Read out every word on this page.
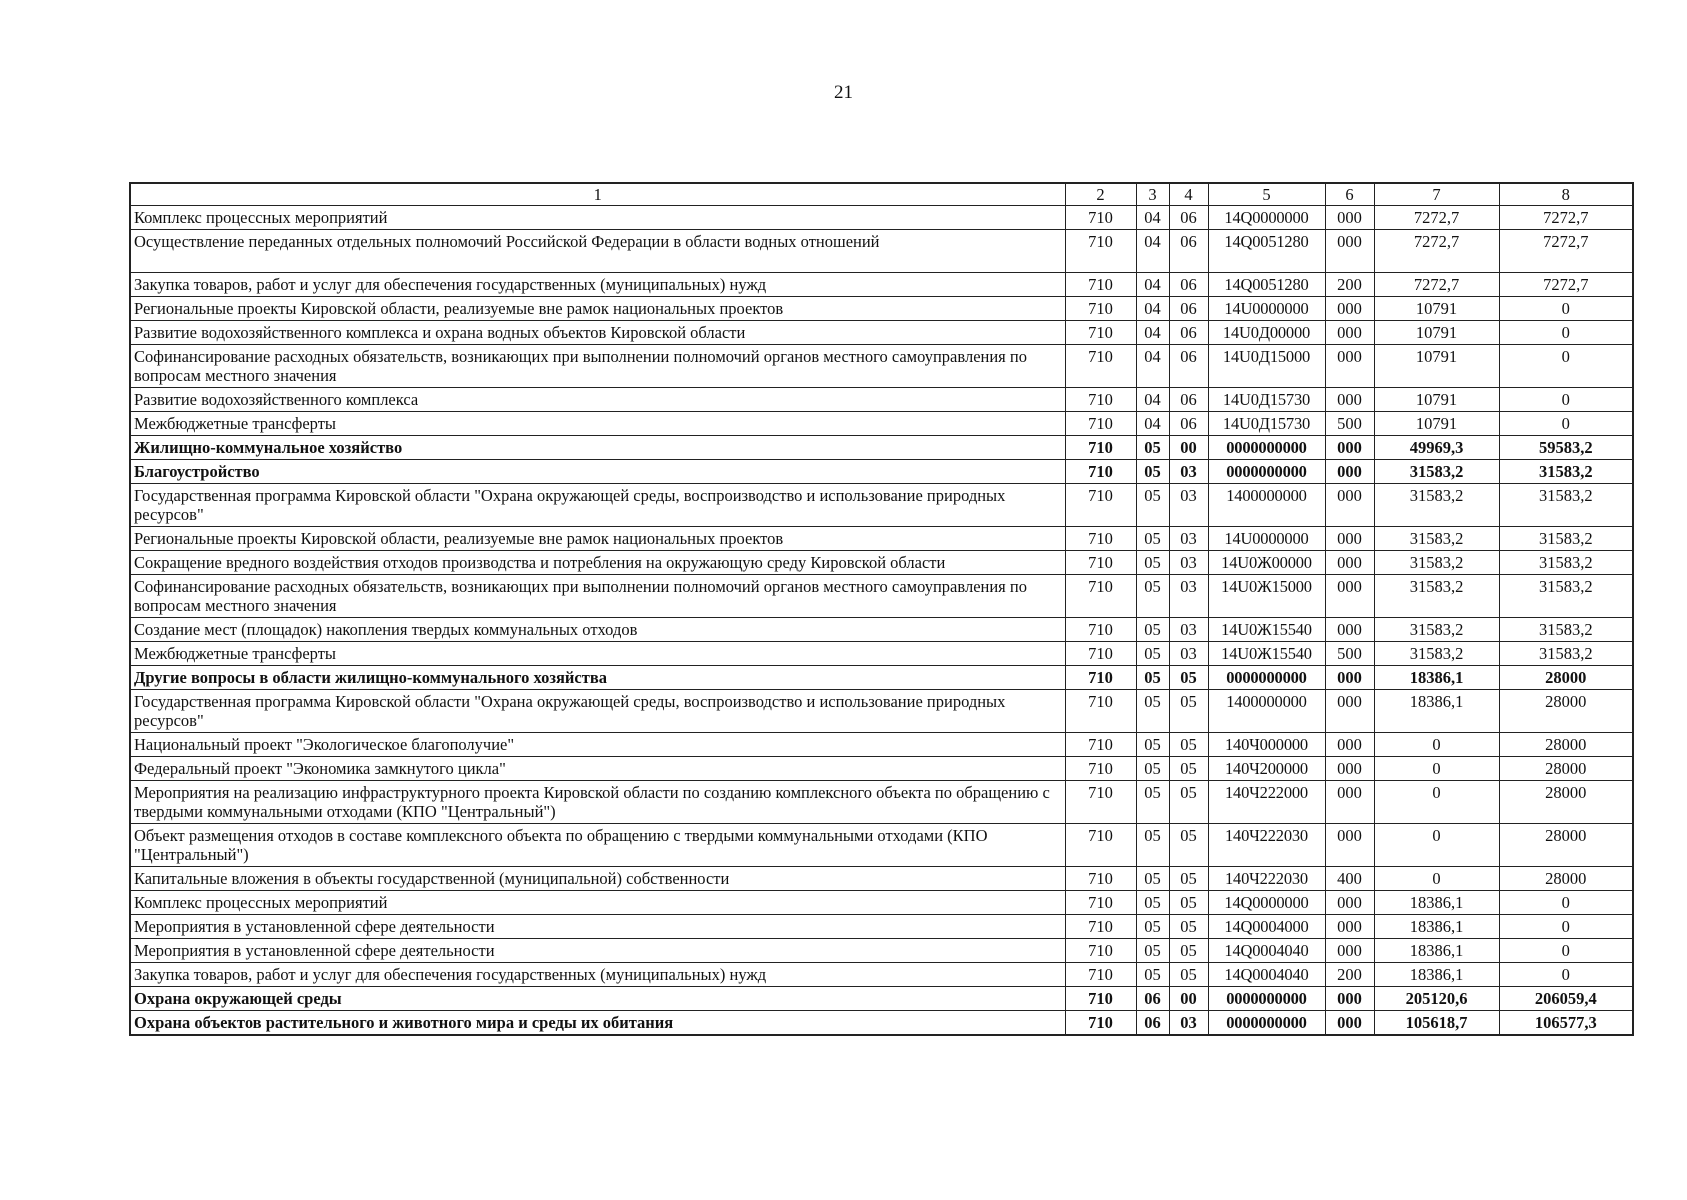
21
1	2	3	4	5	6	7	8
Комплекс процессных мероприятий	710	04	06	14Q0000000	000	7272,7	7272,7
Осуществление переданных отдельных полномочий Российской Федерации в области водных отношений	710	04	06	14Q0051280	000	7272,7	7272,7
Закупка товаров, работ и услуг для обеспечения государственных (муниципальных) нужд	710	04	06	14Q0051280	200	7272,7	7272,7
Региональные проекты Кировской области, реализуемые вне рамок национальных проектов	710	04	06	14U0000000	000	10791	0
Развитие водохозяйственного комплекса и охрана водных объектов Кировской области	710	04	06	14U0Д00000	000	10791	0
Софинансирование расходных обязательств, возникающих при выполнении полномочий органов местного самоуправления по вопросам местного значения	710	04	06	14U0Д15000	000	10791	0
Развитие водохозяйственного комплекса	710	04	06	14U0Д15730	000	10791	0
Межбюджетные трансферты	710	04	06	14U0Д15730	500	10791	0
Жилищно-коммунальное хозяйство	710	05	00	0000000000	000	49969,3	59583,2
Благоустройство	710	05	03	0000000000	000	31583,2	31583,2
Государственная программа Кировской области "Охрана окружающей среды, воспроизводство и использование природных ресурсов"	710	05	03	1400000000	000	31583,2	31583,2
Региональные проекты Кировской области, реализуемые вне рамок национальных проектов	710	05	03	14U0000000	000	31583,2	31583,2
Сокращение вредного воздействия отходов производства и потребления на окружающую среду Кировской области	710	05	03	14U0Ж00000	000	31583,2	31583,2
Софинансирование расходных обязательств, возникающих при выполнении полномочий органов местного самоуправления по вопросам местного значения	710	05	03	14U0Ж15000	000	31583,2	31583,2
Создание мест (площадок) накопления твердых коммунальных отходов	710	05	03	14U0Ж15540	000	31583,2	31583,2
Межбюджетные трансферты	710	05	03	14U0Ж15540	500	31583,2	31583,2
Другие вопросы в области жилищно-коммунального хозяйства	710	05	05	0000000000	000	18386,1	28000
Государственная программа Кировской области "Охрана окружающей среды, воспроизводство и использование природных ресурсов"	710	05	05	1400000000	000	18386,1	28000
Национальный проект "Экологическое благополучие"	710	05	05	140Ч000000	000	0	28000
Федеральный проект "Экономика замкнутого цикла"	710	05	05	140Ч200000	000	0	28000
Мероприятия на реализацию инфраструктурного проекта Кировской области по созданию комплексного объекта по обращению с твердыми коммунальными отходами (КПО "Центральный")	710	05	05	140Ч222000	000	0	28000
Объект размещения отходов в составе комплексного объекта по обращению с твердыми коммунальными отходами (КПО "Центральный")	710	05	05	140Ч222030	000	0	28000
Капитальные вложения в объекты государственной (муниципальной) собственности	710	05	05	140Ч222030	400	0	28000
Комплекс процессных мероприятий	710	05	05	14Q0000000	000	18386,1	0
Мероприятия в установленной сфере деятельности	710	05	05	14Q0004000	000	18386,1	0
Мероприятия в установленной сфере деятельности	710	05	05	14Q0004040	000	18386,1	0
Закупка товаров, работ и услуг для обеспечения государственных (муниципальных) нужд	710	05	05	14Q0004040	200	18386,1	0
Охрана окружающей среды	710	06	00	0000000000	000	205120,6	206059,4
Охрана объектов растительного и животного мира и среды их обитания	710	06	03	0000000000	000	105618,7	106577,3
